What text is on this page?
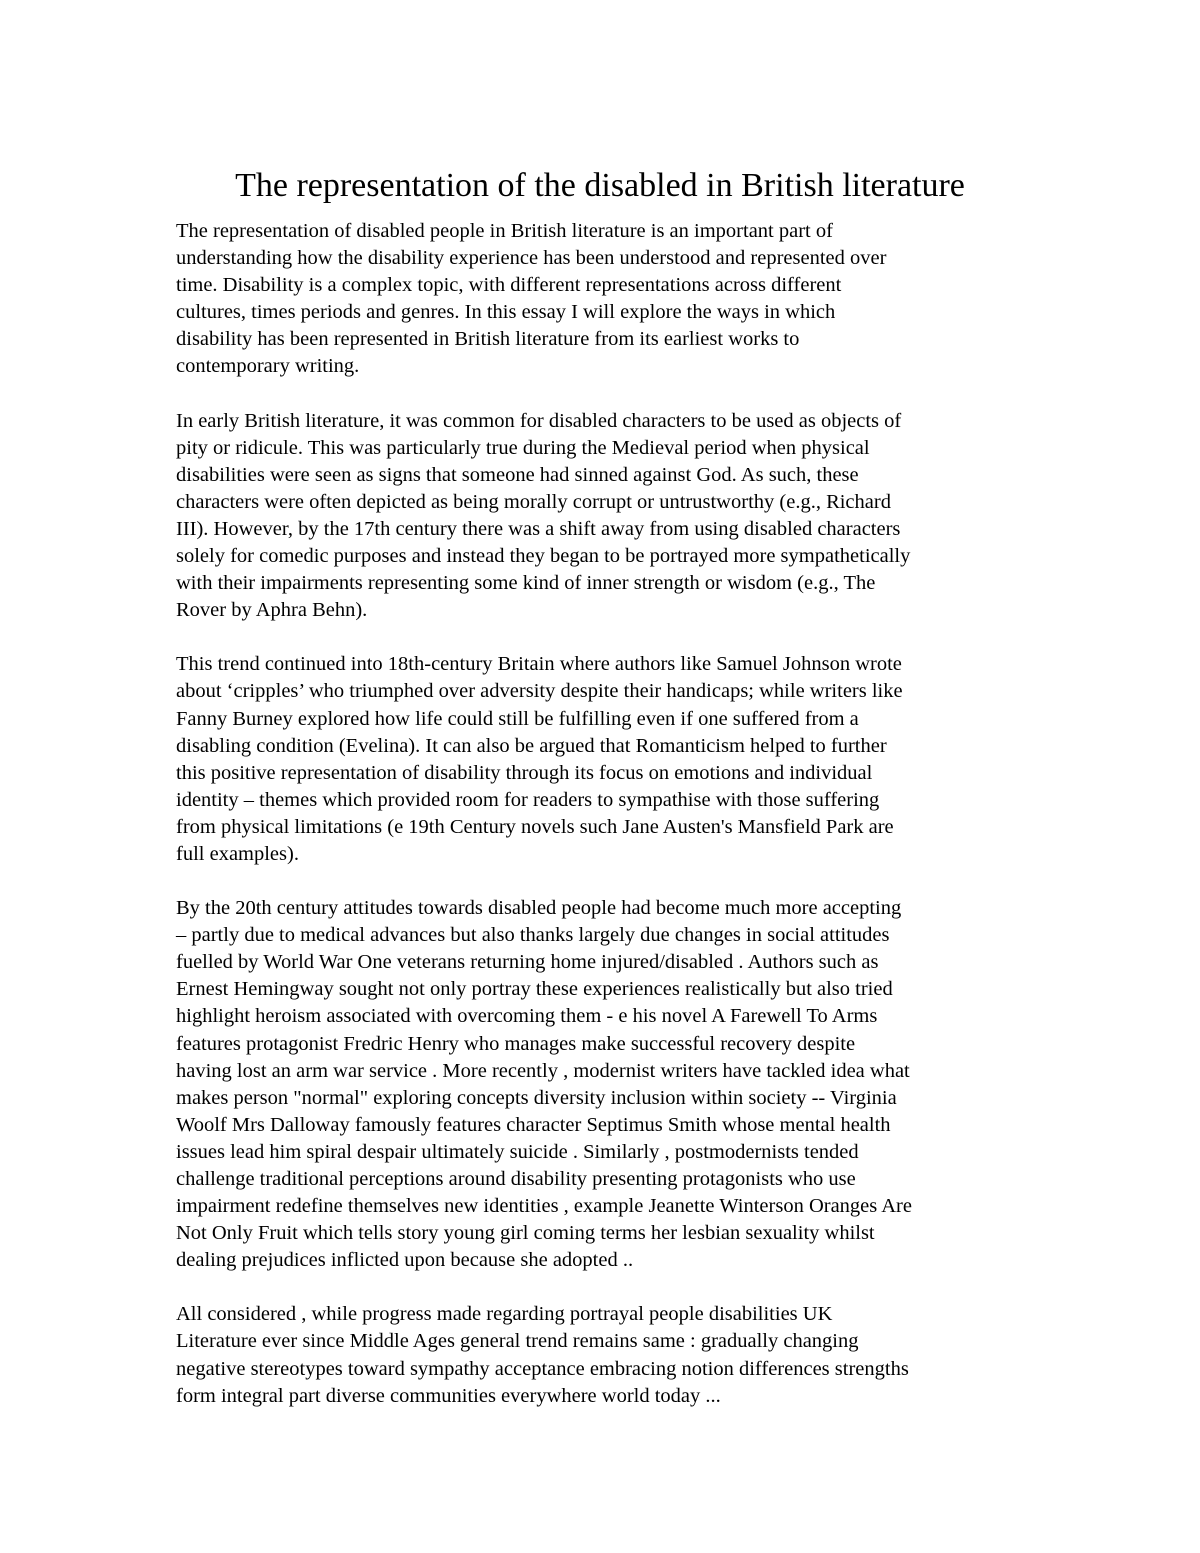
The representation of the disabled in British literature
The representation of disabled people in British literature is an important part of
understanding how the disability experience has been understood and represented over
time. Disability is a complex topic, with different representations across different
cultures, times periods and genres. In this essay I will explore the ways in which
disability has been represented in British literature from its earliest works to
contemporary writing.
In early British literature, it was common for disabled characters to be used as objects of
pity or ridicule. This was particularly true during the Medieval period when physical
disabilities were seen as signs that someone had sinned against God. As such, these
characters were often depicted as being morally corrupt or untrustworthy (e.g., Richard
III). However, by the 17th century there was a shift away from using disabled characters
solely for comedic purposes and instead they began to be portrayed more sympathetically
with their impairments representing some kind of inner strength or wisdom (e.g., The
Rover by Aphra Behn).
This trend continued into 18th-century Britain where authors like Samuel Johnson wrote
about ‘cripples’ who triumphed over adversity despite their handicaps; while writers like
Fanny Burney explored how life could still be fulfilling even if one suffered from a
disabling condition (Evelina). It can also be argued that Romanticism helped to further
this positive representation of disability through its focus on emotions and individual
identity – themes which provided room for readers to sympathise with those suffering
from physical limitations (e 19th Century novels such Jane Austen's Mansfield Park are
full examples).
By the 20th century attitudes towards disabled people had become much more accepting
– partly due to medical advances but also thanks largely due changes in social attitudes
fuelled by World War One veterans returning home injured/disabled . Authors such as
Ernest Hemingway sought not only portray these experiences realistically but also tried
highlight heroism associated with overcoming them - e his novel A Farewell To Arms
features protagonist Fredric Henry who manages make successful recovery despite
having lost an arm war service . More recently , modernist writers have tackled idea what
makes person "normal" exploring concepts diversity inclusion within society -- Virginia
Woolf Mrs Dalloway famously features character Septimus Smith whose mental health
issues lead him spiral despair ultimately suicide . Similarly , postmodernists tended
challenge traditional perceptions around disability presenting protagonists who use
impairment redefine themselves new identities , example Jeanette Winterson Oranges Are
Not Only Fruit which tells story young girl coming terms her lesbian sexuality whilst
dealing prejudices inflicted upon because she adopted ..
All considered , while progress made regarding portrayal people disabilities UK
Literature ever since Middle Ages general trend remains same : gradually changing
negative stereotypes toward sympathy acceptance embracing notion differences strengths
form integral part diverse communities everywhere world today ...
